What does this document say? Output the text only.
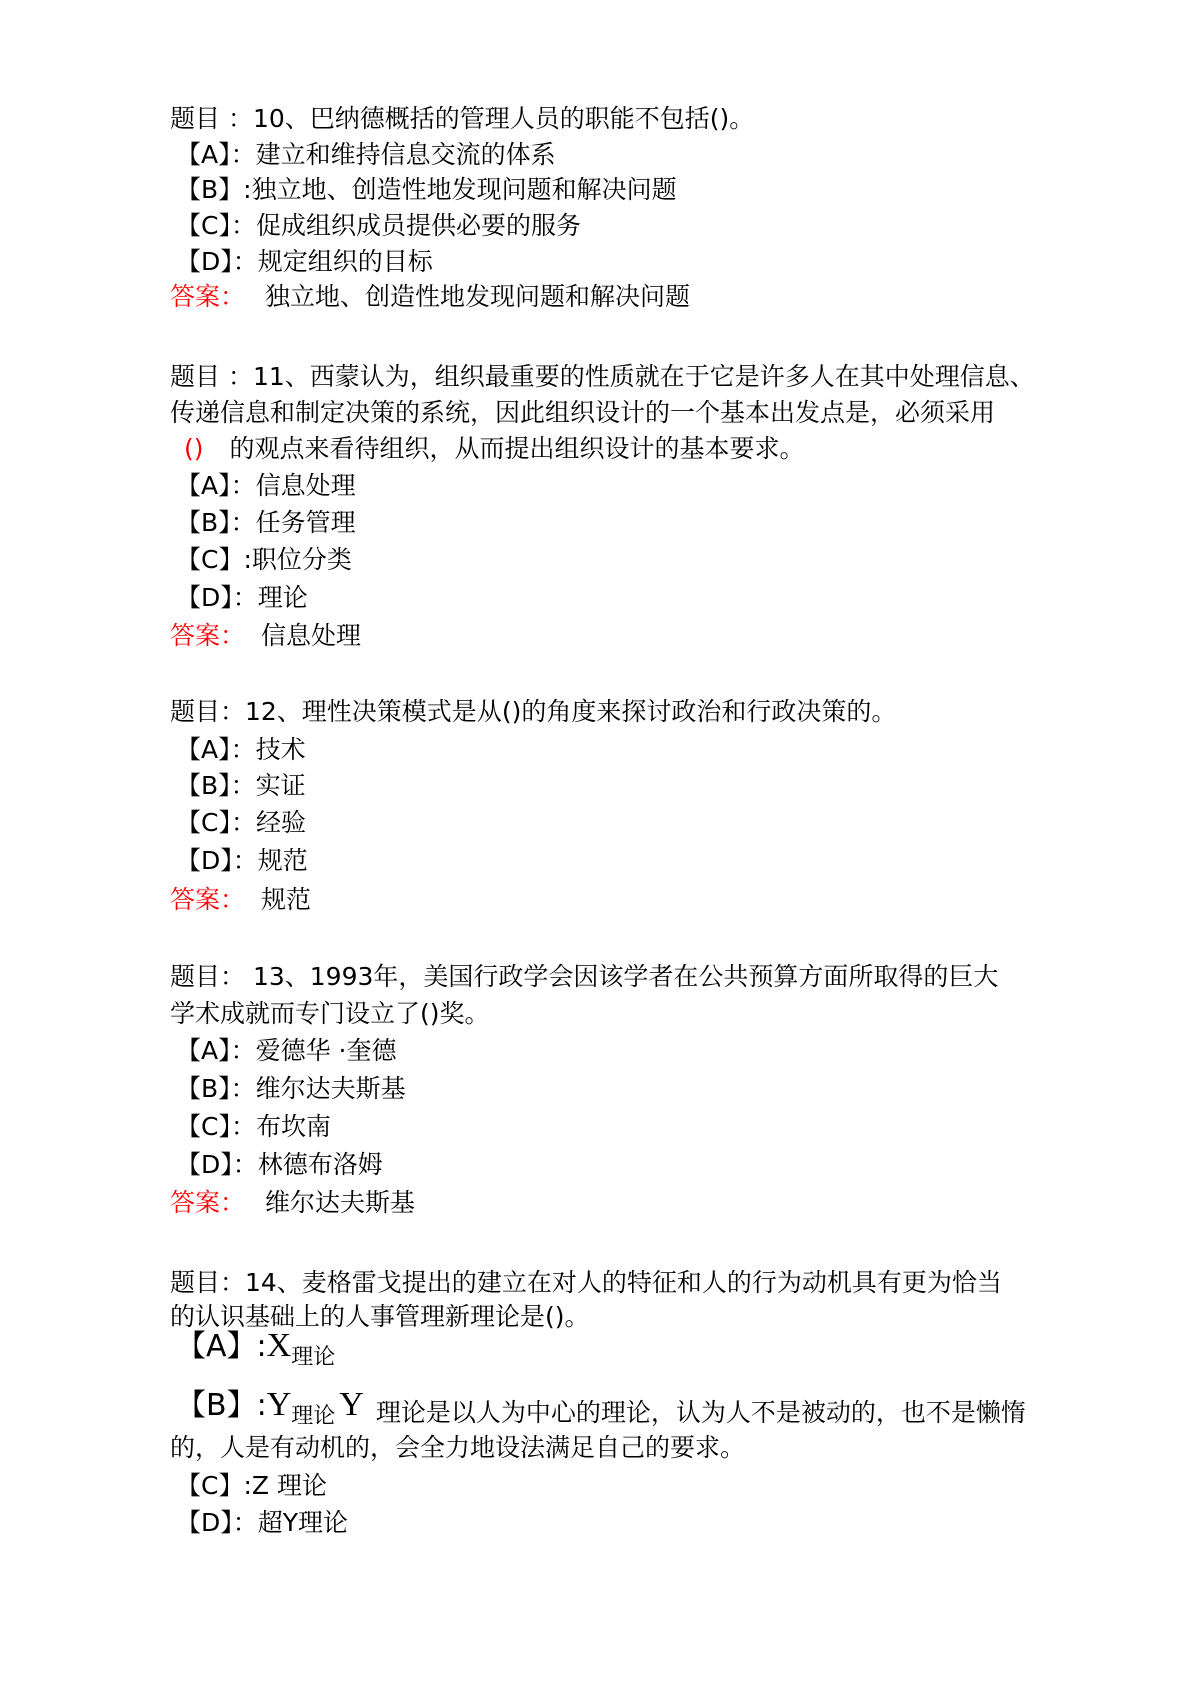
题目 ：10、巴纳德概括的管理人员的职能不包括()。
【A】：建立和维持信息交流的体系
【B】:独立地、创造性地发现问题和解决问题
【C】：促成组织成员提供必要的服务
【D】：规定组织的目标
答案： 独立地、创造性地发现问题和解决问题
题目 ：11、西蒙认为，组织最重要的性质就在于它是许多人在其中处理信息、
传递信息和制定决策的系统，因此组织设计的一个基本出发点是，必须采用
() 的观点来看待组织，从而提出组织设计的基本要求。
【A】：信息处理
【B】：任务管理
【C】:职位分类
【D】：理论
答案： 信息处理
题目：12、理性决策模式是从()的角度来探讨政治和行政决策的。
【A】：技术
【B】：实证
【C】：经验
【D】：规范
答案： 规范
题目： 13、1993年，美国行政学会因该学者在公共预算方面所取得的巨大
学术成就而专门设立了()奖。
【A】：爱德华 ·奎德
【B】：维尔达夫斯基
【C】：布坎南
【D】：林德布洛姆
答案： 维尔达夫斯基
题目：14、麦格雷戈提出的建立在对人的特征和人的行为动机具有更为恰当
的认识基础上的人事管理新理论是()。
【A】:X理论
【B】:Y理论 Y 理论是以人为中心的理论，认为人不是被动的，也不是懒惰
的，人是有动机的，会全力地设法满足自己的要求。
【C】:Z 理论
【D】：超Y理论
